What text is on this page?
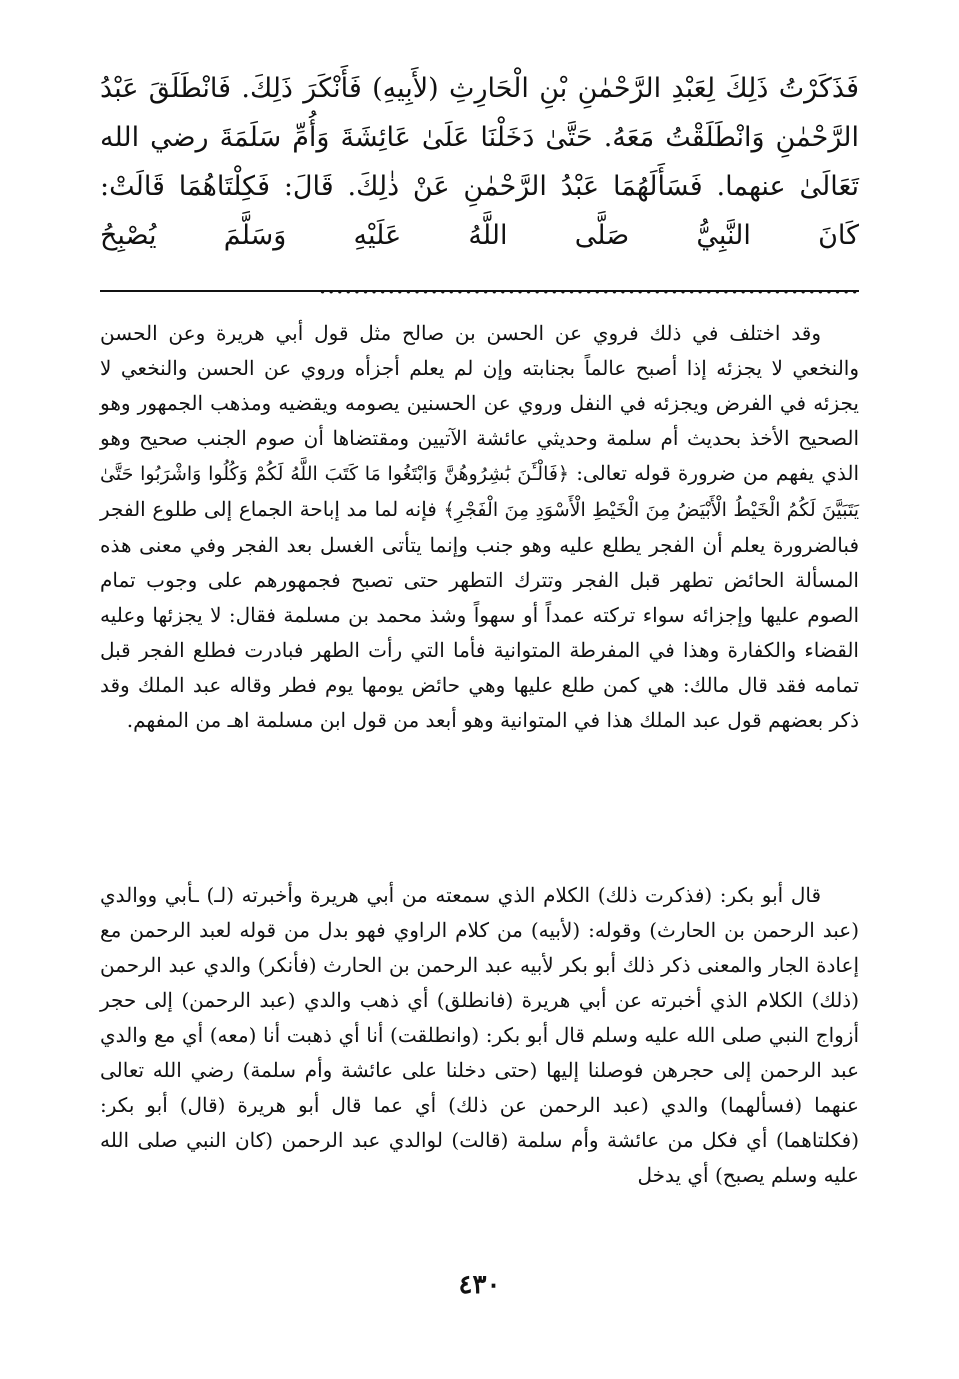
فَذَكَرْتُ ذَلِكَ لِعَبْدِ الرَّحْمٰنِ بْنِ الْحَارِثِ (لأَبِيهِ) فَأَنْكَرَ ذَلِكَ. فَانْطَلَقَ عَبْدُ الرَّحْمٰنِ وَانْطَلَقْتُ مَعَهُ. حَتَّىٰ دَخَلْنَا عَلَىٰ عَائِشَةَ وَأُمِّ سَلَمَةَ رضي الله تَعَالَىٰ عنهما. فَسَأَلَهُمَا عَبْدُ الرَّحْمٰنِ عَنْ ذٰلِكَ. قَالَ: فَكِلْتَاهُمَا قَالَتْ: كَانَ النَّبِيُّ صَلَّى اللَّهُ عَلَيْهِ وَسَلَّمَ يُصْبِحُ ...............................................................

وقد اختلف في ذلك فروي عن الحسن بن صالح مثل قول أبي هريرة وعن الحسن والنخعي لا يجزئه إذا أصبح عالماً بجنابته وإن لم يعلم أجزأه وروي عن الحسن والنخعي لا يجزئه في الفرض ويجزئه في النفل وروي عن الحسنين يصومه ويقضيه ومذهب الجمهور وهو الصحيح الأخذ بحديث أم سلمة وحديثي عائشة الآتيين ومقتضاها أن صوم الجنب صحيح وهو الذي يفهم من ضرورة قوله تعالى: ﴿فَالْـَٔنَ بَٰشِرُوهُنَّ وَابْتَغُوا مَا كَتَبَ اللَّهُ لَكُمْ وَكُلُوا وَاشْرَبُوا حَتَّىٰ يَتَبَيَّنَ لَكُمُ الْخَيْطُ الْأَبْيَضُ مِنَ الْخَيْطِ الْأَسْوَدِ مِنَ الْفَجْرِ﴾ فإنه لما مد إباحة الجماع إلى طلوع الفجر فبالضرورة يعلم أن الفجر يطلع عليه وهو جنب وإنما يتأتى الغسل بعد الفجر وفي معنى هذه المسألة الحائض تطهر قبل الفجر وتترك التطهر حتى تصبح فجمهورهم على وجوب تمام الصوم عليها وإجزائه سواء تركته عمداً أو سهواً وشذ محمد بن مسلمة فقال: لا يجزئها وعليه القضاء والكفارة وهذا في المفرطة المتوانية فأما التي رأت الطهر فبادرت فطلع الفجر قبل تمامه فقد قال مالك: هي كمن طلع عليها وهي حائض يومها يوم فطر وقاله عبد الملك وقد ذكر بعضهم قول عبد الملك هذا في المتوانية وهو أبعد من قول ابن مسلمة اهـ من المفهم.

قال أبو بكر: (فذكرت ذلك) الكلام الذي سمعته من أبي هريرة وأخبرته (لـ) ـأبي ووالدي (عبد الرحمن بن الحارث) وقوله: (لأبيه) من كلام الراوي فهو بدل من قوله لعبد الرحمن مع إعادة الجار والمعنى ذكر ذلك أبو بكر لأبيه عبد الرحمن بن الحارث (فأنكر) والدي عبد الرحمن (ذلك) الكلام الذي أخبرته عن أبي هريرة (فانطلق) أي ذهب والدي (عبد الرحمن) إلى حجر أزواج النبي صلى الله عليه وسلم قال أبو بكر: (وانطلقت) أنا أي ذهبت أنا (معه) أي مع والدي عبد الرحمن إلى حجرهن فوصلنا إليها (حتى دخلنا على عائشة وأم سلمة) رضي الله تعالى عنهما (فسألهما) والدي (عبد الرحمن عن ذلك) أي عما قال أبو هريرة (قال) أبو بكر: (فكلتاهما) أي فكل من عائشة وأم سلمة (قالت) لوالدي عبد الرحمن (كان النبي صلى الله عليه وسلم يصبح) أي يدخل

٤٣٠
